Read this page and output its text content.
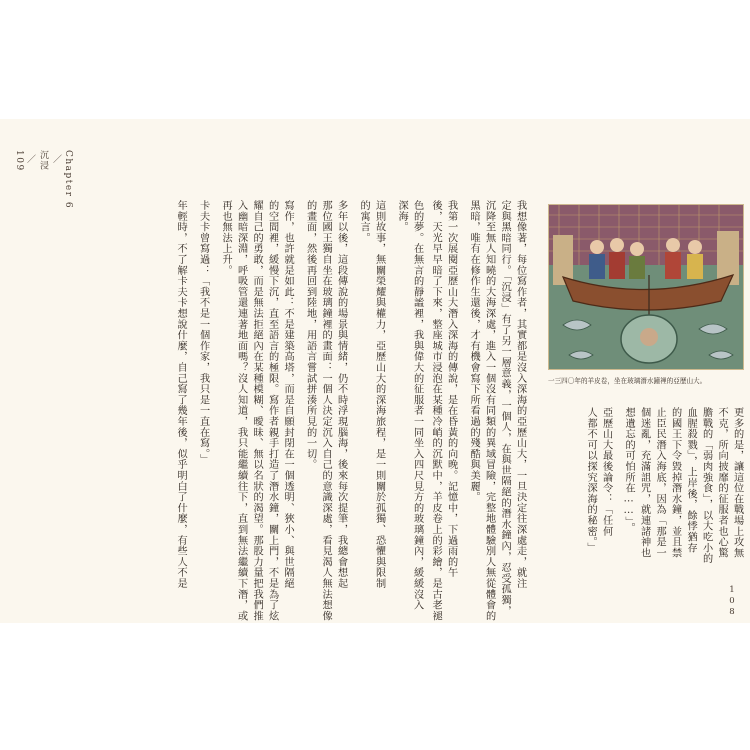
Chapter 6
／
沉浸
／
109
我想像著，每位寫作者，其實都是沒入深海的亞歷山大，一旦決定往深處走，就注
定與黑暗同行。「沉浸」有了另一層意義，一個人，在與世隔絕的潛水鐘內，忍受孤獨，
沉降至無人知曉的大海深處，進入一個沒有同類的異域冒險，完整地體驗別人無從體會的
黑暗，唯有在修作生還後，才有機會寫下所看過的殘酷與美麗。
我第一次展閱亞歷山大潛入深海的傳說，是在昏黃的向晚。記憶中，下過雨的午
後，天光早早暗了下來，整座城市浸泡在某種冷峭的沉默中，羊皮卷上的彩繪，是古老褪
色的夢。在無言的靜謐裡，我與偉大的征服者一同坐入四尺見方的玻璃鐘內，緩緩沒入
深海。
這則故事，無關榮耀與權力，亞歷山大的深海旅程，是一則關於孤獨、恐懼與限制
的寓言。
多年以後，這段傳說的場景與情緒，仍不時浮現腦海，後來每次提筆，我總會想起
那位國王獨自坐在玻璃鐘裡的畫面：一個人決定沉入自己的意識深處，看見渴人無法想像
的畫面，然後再回到陸地，用語言嘗試拼湊所見的一切。
寫作，也許就是如此：不是建築高塔，而是自願封閉在一個透明、狹小、與世隔絕
的空間裡，緩慢下沉，直至語言的極限。寫作者親手打造了潛水鐘，關上門，不是為了炫
耀自己的勇敢，而是無法拒絕內在某種模糊、曖昧、無以名狀的渴望。那股力量把我們推
入幽暗深淵，呼吸管還連著地面嗎？沒人知道，我只能繼續往下，直到無法繼續下潛，或
再也無法上升。
卡夫卡曾寫過：「我不是一個作家，我只是一直在寫。」
年輕時，不了解卡夫卡想說什麼，自己寫了幾年後，似乎明白了什麼，有些人不是	更多的是，讓這位在戰場上攻無
不克，所向披靡的征服者也心驚
膽戰的「弱肉強食」，以大吃小的
血腥殺戮」，上岸後，餘悸猶存
的國王下令毀掉潛水鐘，並且禁
止臣民潛入海底，因為「那是一
個迷亂，充滿詛咒，就連諸神也
想遺忘的可怕所在……」。
亞歷山大最後論令：「任何
人都不可以探究深海的秘密。」
108
一三四〇年的羊皮卷，坐在玻璃潛水鐘裡的亞歷山大。
